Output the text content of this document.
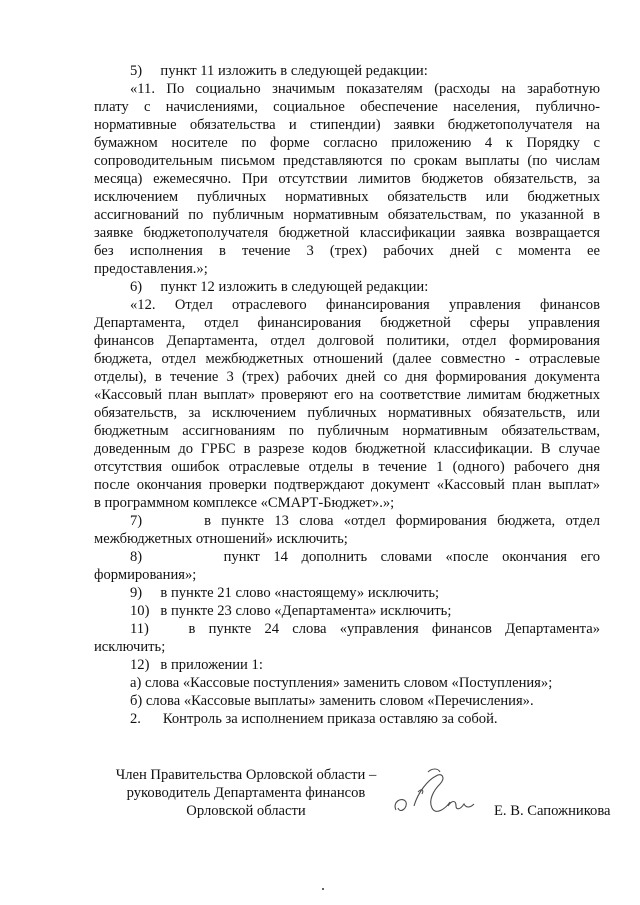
5)     пункт 11 изложить в следующей редакции:
«11. По социально значимым показателям (расходы на заработную
плату с начислениями, социальное обеспечение населения, публично-
нормативные обязательства и стипендии) заявки бюджетополучателя на
бумажном носителе по форме согласно приложению 4 к Порядку с
сопроводительным письмом представляются по срокам выплаты (по числам
месяца) ежемесячно. При отсутствии лимитов бюджетов обязательств, за
исключением публичных нормативных обязательств или бюджетных
ассигнований по публичным нормативным обязательствам, по указанной в
заявке бюджетополучателя бюджетной классификации заявка возвращается
без исполнения в течение 3 (трех) рабочих дней с момента ее
предоставления.»;
6)     пункт 12 изложить в следующей редакции:
«12. Отдел отраслевого финансирования управления финансов
Департамента, отдел финансирования бюджетной сферы управления
финансов Департамента, отдел долговой политики, отдел формирования
бюджета, отдел межбюджетных отношений (далее совместно - отраслевые
отделы), в течение 3 (трех) рабочих дней со дня формирования документа
«Кассовый план выплат» проверяют его на соответствие лимитам бюджетных
обязательств, за исключением публичных нормативных обязательств, или
бюджетным ассигнованиям по публичным нормативным обязательствам,
доведенным до ГРБС в разрезе кодов бюджетной классификации. В случае
отсутствия ошибок отраслевые отделы в течение 1 (одного) рабочего дня
после окончания проверки подтверждают документ «Кассовый план выплат»
в программном комплексе «СМАРТ-Бюджет».»;
7)      в пункте 13 слова «отдел формирования бюджета, отдел
межбюджетных отношений» исключить;
8)      пункт 14 дополнить словами «после окончания его
формирования»;
9)     в пункте 21 слово «настоящему» исключить;
10)   в пункте 23 слово «Департамента» исключить;
11)   в пункте 24 слова «управления финансов Департамента»
исключить;
12)   в приложении 1:
а) слова «Кассовые поступления» заменить словом «Поступления»;
б) слова «Кассовые выплаты» заменить словом «Перечисления».
2.      Контроль за исполнением приказа оставляю за собой.
Член Правительства Орловской области –
руководитель Департамента финансов
Орловской области	Е. В. Сапожникова
